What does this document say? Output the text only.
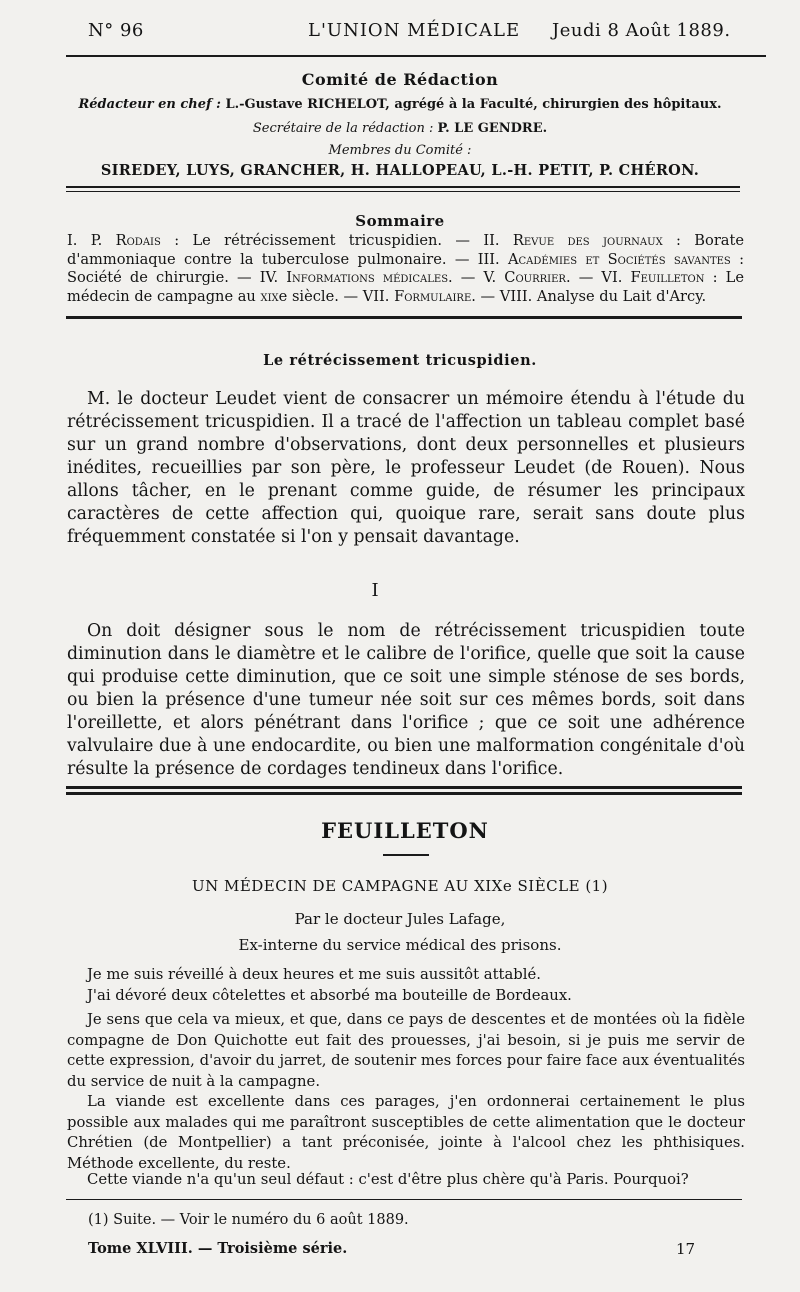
N° 96	L'UNION MÉDICALE Jeudi 8 Août 1889.
Comité de Rédaction
Rédacteur en chef : L.-Gustave RICHELOT, agrégé à la Faculté, chirurgien des hôpitaux.
Secrétaire de la rédaction : P. LE GENDRE.
Membres du Comité :
SIREDEY, LUYS, GRANCHER, H. HALLOPEAU, L.-H. PETIT, P. CHÉRON.
Sommaire
I. P. Rodais : Le rétrécissement tricuspidien. — II. Revue des journaux : Borate d'ammoniaque contre la tuberculose pulmonaire. — III. Académies et Sociétés savantes : Société de chirurgie. — IV. Informations médicales. — V. Courrier. — VI. Feuilleton : Le médecin de campagne au xixe siècle. — VII. Formulaire. — VIII. Analyse du Lait d'Arcy.
Le rétrécissement tricuspidien.
M. le docteur Leudet vient de consacrer un mémoire étendu à l'étude du rétrécissement tricuspidien. Il a tracé de l'affection un tableau complet basé sur un grand nombre d'observations, dont deux personnelles et plusieurs inédites, recueillies par son père, le professeur Leudet (de Rouen). Nous allons tâcher, en le prenant comme guide, de résumer les principaux caractères de cette affection qui, quoique rare, serait sans doute plus fréquemment constatée si l'on y pensait davantage.
I
On doit désigner sous le nom de rétrécissement tricuspidien toute diminution dans le diamètre et le calibre de l'orifice, quelle que soit la cause qui produise cette diminution, que ce soit une simple sténose de ses bords, ou bien la présence d'une tumeur née soit sur ces mêmes bords, soit dans l'oreillette, et alors pénétrant dans l'orifice ; que ce soit une adhérence valvulaire due à une endocardite, ou bien une malformation congénitale d'où résulte la présence de cordages tendineux dans l'orifice.
FEUILLETON
UN MÉDECIN DE CAMPAGNE AU XIXe SIÈCLE (1)
Par le docteur Jules Lafage,
Ex-interne du service médical des prisons.
Je me suis réveillé à deux heures et me suis aussitôt attablé.
J'ai dévoré deux côtelettes et absorbé ma bouteille de Bordeaux.
Je sens que cela va mieux, et que, dans ce pays de descentes et de montées où la fidèle compagne de Don Quichotte eut fait des prouesses, j'ai besoin, si je puis me servir de cette expression, d'avoir du jarret, de soutenir mes forces pour faire face aux éventualités du service de nuit à la campagne.
La viande est excellente dans ces parages, j'en ordonnerai certainement le plus possible aux malades qui me paraîtront susceptibles de cette alimentation que le docteur Chrétien (de Montpellier) a tant préconisée, jointe à l'alcool chez les phthisiques. Méthode excellente, du reste.
Cette viande n'a qu'un seul défaut : c'est d'être plus chère qu'à Paris. Pourquoi?
(1) Suite. — Voir le numéro du 6 août 1889.
Tome XLVIII. — Troisième série.	17
